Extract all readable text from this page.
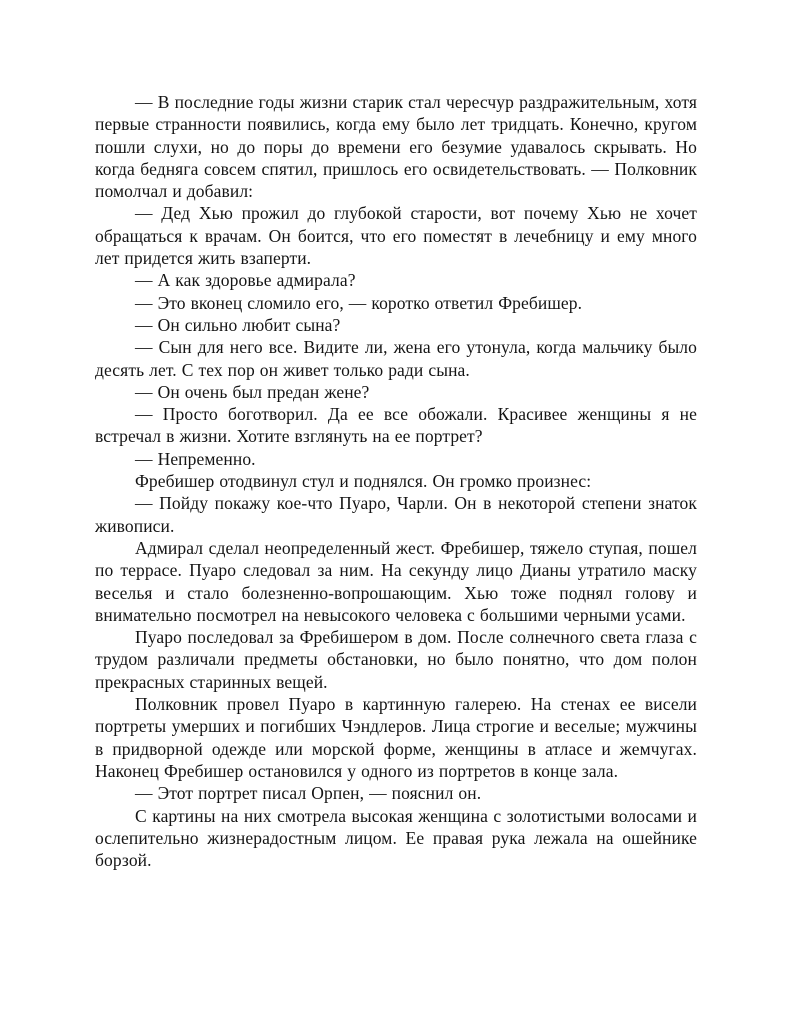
— В последние годы жизни старик стал чересчур раздражительным, хотя первые странности появились, когда ему было лет тридцать. Конечно, кругом пошли слухи, но до поры до времени его безумие удавалось скрывать. Но когда бедняга совсем спятил, пришлось его освидетельствовать. — Полковник помолчал и добавил:

— Дед Хью прожил до глубокой старости, вот почему Хью не хочет обращаться к врачам. Он боится, что его поместят в лечебницу и ему много лет придется жить взаперти.

— А как здоровье адмирала?

— Это вконец сломило его, — коротко ответил Фребишер.

— Он сильно любит сына?

— Сын для него все. Видите ли, жена его утонула, когда мальчику было десять лет. С тех пор он живет только ради сына.

— Он очень был предан жене?

— Просто боготворил. Да ее все обожали. Красивее женщины я не встречал в жизни. Хотите взглянуть на ее портрет?

— Непременно.

Фребишер отодвинул стул и поднялся. Он громко произнес:

— Пойду покажу кое-что Пуаро, Чарли. Он в некоторой степени знаток живописи.

Адмирал сделал неопределенный жест. Фребишер, тяжело ступая, пошел по террасе. Пуаро следовал за ним. На секунду лицо Дианы утратило маску веселья и стало болезненно-вопрошающим. Хью тоже поднял голову и внимательно посмотрел на невысокого человека с большими черными усами.

Пуаро последовал за Фребишером в дом. После солнечного света глаза с трудом различали предметы обстановки, но было понятно, что дом полон прекрасных старинных вещей.

Полковник провел Пуаро в картинную галерею. На стенах ее висели портреты умерших и погибших Чэндлеров. Лица строгие и веселые; мужчины в придворной одежде или морской форме, женщины в атласе и жемчугах. Наконец Фребишер остановился у одного из портретов в конце зала.

— Этот портрет писал Орпен, — пояснил он.

С картины на них смотрела высокая женщина с золотистыми волосами и ослепительно жизнерадостным лицом. Ее правая рука лежала на ошейнике борзой.
